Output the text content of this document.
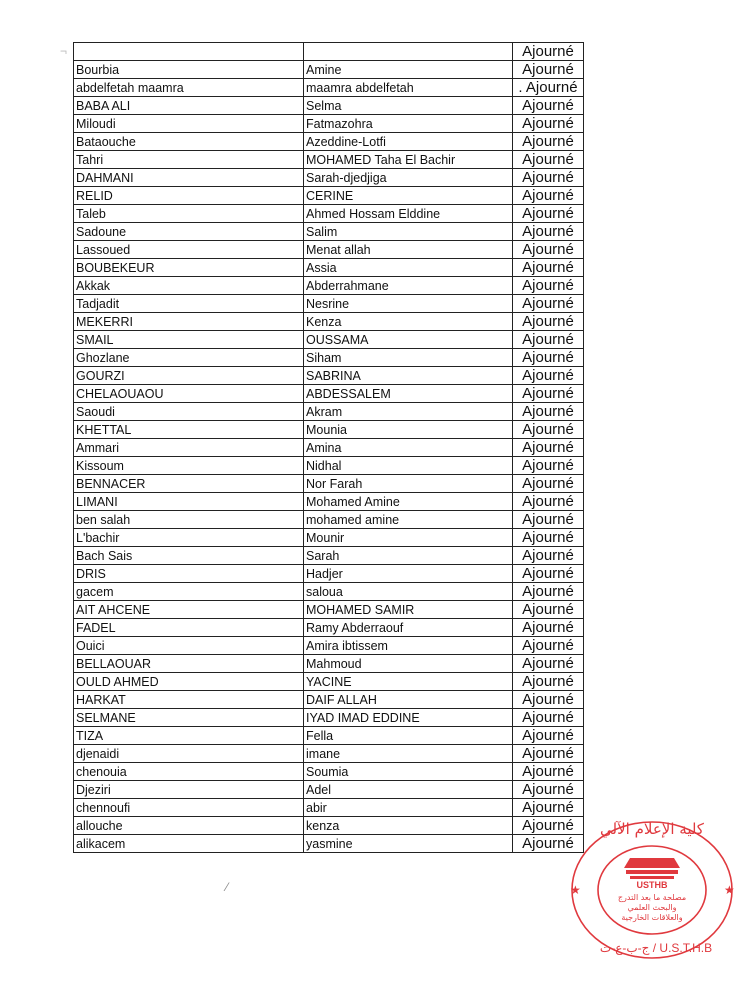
		Ajourné
Bourbia	Amine	Ajourné
abdelfetah maamra	maamra abdelfetah	. Ajourné
BABA ALI	Selma	Ajourné
Miloudi	Fatmazohra	Ajourné
Bataouche	Azeddine-Lotfi	Ajourné
Tahri	MOHAMED Taha El Bachir	Ajourné
DAHMANI	Sarah-djedjiga	Ajourné
RELID	CERINE	Ajourné
Taleb	Ahmed Hossam Elddine	Ajourné
Sadoune	Salim	Ajourné
Lassoued	Menat allah	Ajourné
BOUBEKEUR	Assia	Ajourné
Akkak	Abderrahmane	Ajourné
Tadjadit	Nesrine	Ajourné
MEKERRI	Kenza	Ajourné
SMAIL	OUSSAMA	Ajourné
Ghozlane	Siham	Ajourné
GOURZI	SABRINA	Ajourné
CHELAOUAOU	ABDESSALEM	Ajourné
Saoudi	Akram	Ajourné
KHETTAL	Mounia	Ajourné
Ammari	Amina	Ajourné
Kissoum	Nidhal	Ajourné
BENNACER	Nor Farah	Ajourné
LIMANI	Mohamed Amine	Ajourné
ben salah	mohamed amine	Ajourné
L'bachir	Mounir	Ajourné
Bach Sais	Sarah	Ajourné
DRIS	Hadjer	Ajourné
gacem	saloua	Ajourné
AIT AHCENE	MOHAMED SAMIR	Ajourné
FADEL	Ramy Abderraouf	Ajourné
Ouici	Amira ibtissem	Ajourné
BELLAOUAR	Mahmoud	Ajourné
OULD AHMED	YACINE	Ajourné
HARKAT	DAIF ALLAH	Ajourné
SELMANE	IYAD IMAD EDDINE	Ajourné
TIZA	Fella	Ajourné
djenaidi	imane	Ajourné
chenouia	Soumia	Ajourné
Djeziri	Adel	Ajourné
chennoufi	abir	Ajourné
allouche	kenza	Ajourné
alikacem	yasmine	Ajourné
¬
⁄
كلية الإعلام الآلي
USTHB
مصلحة ما بعد التدرج
والبحث العلمي
والعلاقات الخارجية
ج-ب-ع-ت / U.S.T.H.B
★	★
